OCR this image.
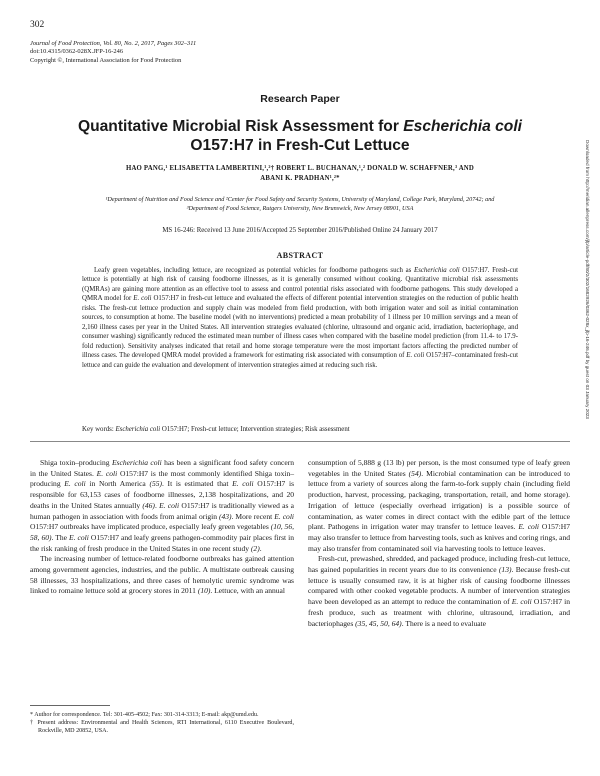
302
Journal of Food Protection, Vol. 80, No. 2, 2017, Pages 302–311
doi:10.4315/0362-028X.JFP-16-246
Copyright ©, International Association for Food Protection
Research Paper
Quantitative Microbial Risk Assessment for Escherichia coli
O157:H7 in Fresh-Cut Lettuce
HAO PANG,¹ ELISABETTA LAMBERTINI,¹,²† ROBERT L. BUCHANAN,¹,² DONALD W. SCHAFFNER,³ AND
ABANI K. PRADHAN¹,²*
¹Department of Nutrition and Food Science and ²Center for Food Safety and Security Systems, University of Maryland, College Park, Maryland, 20742; and
³Department of Food Science, Rutgers University, New Brunswick, New Jersey 08901, USA
MS 16-246: Received 13 June 2016/Accepted 25 September 2016/Published Online 24 January 2017
ABSTRACT

Leafy green vegetables, including lettuce, are recognized as potential vehicles for foodborne pathogens such as Escherichia coli O157:H7. Fresh-cut lettuce is potentially at high risk of causing foodborne illnesses, as it is generally consumed without cooking. Quantitative microbial risk assessments (QMRAs) are gaining more attention as an effective tool to assess and control potential risks associated with foodborne pathogens. This study developed a QMRA model for E. coli O157:H7 in fresh-cut lettuce and evaluated the effects of different potential intervention strategies on the reduction of public health risks. The fresh-cut lettuce production and supply chain was modeled from field production, with both irrigation water and soil as initial contamination sources, to consumption at home. The baseline model (with no interventions) predicted a mean probability of 1 illness per 10 million servings and a mean of 2,160 illness cases per year in the United States. All intervention strategies evaluated (chlorine, ultrasound and organic acid, irradiation, bacteriophage, and consumer washing) significantly reduced the estimated mean number of illness cases when compared with the baseline model prediction (from 11.4- to 17.9-fold reduction). Sensitivity analyses indicated that retail and home storage temperature were the most important factors affecting the predicted number of illness cases. The developed QMRA model provided a framework for estimating risk associated with consumption of E. coli O157:H7–contaminated fresh-cut lettuce and can guide the evaluation and development of intervention strategies aimed at reducing such risk.

Key words: Escherichia coli O157:H7; Fresh-cut lettuce; Intervention strategies; Risk assessment

Shiga toxin–producing Escherichia coli has been a significant food safety concern in the United States. E. coli O157:H7 is the most commonly identified Shiga toxin–producing E. coli in North America (55). It is estimated that E. coli O157:H7 is responsible for 63,153 cases of foodborne illnesses, 2,138 hospitalizations, and 20 deaths in the United States annually (46). E. coli O157:H7 is traditionally viewed as a human pathogen in association with foods from animal origin (43). More recent E. coli O157:H7 outbreaks have implicated produce, especially leafy green vegetables (10, 56, 58, 60). The E. coli O157:H7 and leafy greens pathogen-commodity pair places first in the risk ranking of fresh produce in the United States in one recent study (2).

The increasing number of lettuce-related foodborne outbreaks has gained attention among government agencies, industries, and the public. A multistate outbreak causing 58 illnesses, 33 hospitalizations, and three cases of hemolytic uremic syndrome was linked to romaine lettuce sold at grocery stores in 2011 (10). Lettuce, with an annual

consumption of 5,888 g (13 lb) per person, is the most consumed type of leafy green vegetables in the United States (54). Microbial contamination can be introduced to lettuce from a variety of sources along the farm-to-fork supply chain (including field production, harvest, processing, packaging, transportation, retail, and home storage). Irrigation of lettuce (especially overhead irrigation) is a possible source of contamination, as water comes in direct contact with the edible part of the lettuce plant. Pathogens in irrigation water may transfer to lettuce leaves. E. coli O157:H7 may also transfer to lettuce from harvesting tools, such as knives and coring rings, and may also transfer from contaminated soil via harvesting tools to lettuce leaves.

Fresh-cut, prewashed, shredded, and packaged produce, including fresh-cut lettuce, has gained popularities in recent years due to its convenience (13). Because fresh-cut lettuce is usually consumed raw, it is at higher risk of causing foodborne illnesses compared with other cooked vegetable products. A number of intervention strategies have been developed as an attempt to reduce the contamination of E. coli O157:H7 in fresh produce, such as treatment with chlorine, ultrasound, irradiation, and bacteriophages (35, 45, 50, 64). There is a need to evaluate

* Author for correspondence. Tel: 301-405-4502; Fax: 301-314-3313; E-mail: akp@umd.edu.

† Present address: Environmental and Health Sciences, RTI International, 6110 Executive Boulevard, Rockville, MD 20852, USA.

Downloaded from http://meridian.allenpress.com/jfp/article-pdf/80/2/302/1682926/0362-028x_jfp-16-246.pdf by guest on 03 January 2023
